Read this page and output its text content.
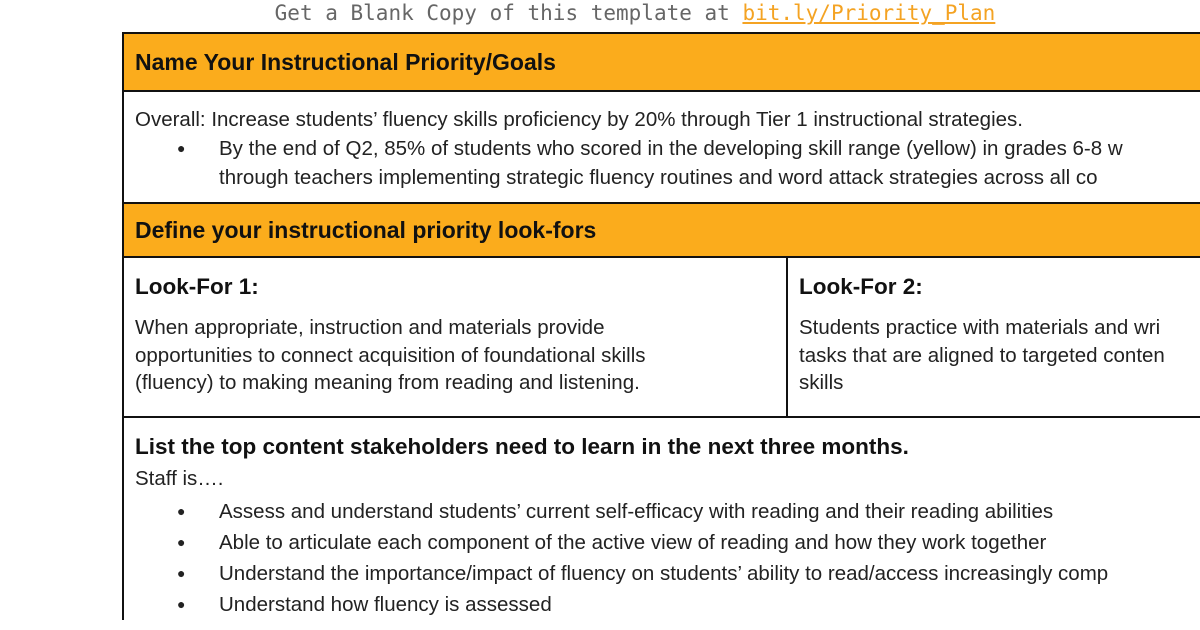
Get a Blank Copy of this template at bit.ly/Priority_Plan
Name Your Instructional Priority/Goals
Overall: Increase students’ fluency skills proficiency by 20% through Tier 1 instructional strategies.
● By the end of Q2, 85% of students who scored in the developing skill range (yellow) in grades 6-8 w
through teachers implementing strategic fluency routines and word attack strategies across all co
Define your instructional priority look-fors
Look-For 1:
When appropriate, instruction and materials provide
opportunities to connect acquisition of foundational skills
(fluency) to making meaning from reading and listening.
Look-For 2:
Students practice with materials and wri
tasks that are aligned to targeted conten
skills
List the top content stakeholders need to learn in the next three months.
Staff is….
● Assess and understand students’ current self-efficacy with reading and their reading abilities
● Able to articulate each component of the active view of reading and how they work together
● Understand the importance/impact of fluency on students’ ability to read/access increasingly comp
● Understand how fluency is assessed
